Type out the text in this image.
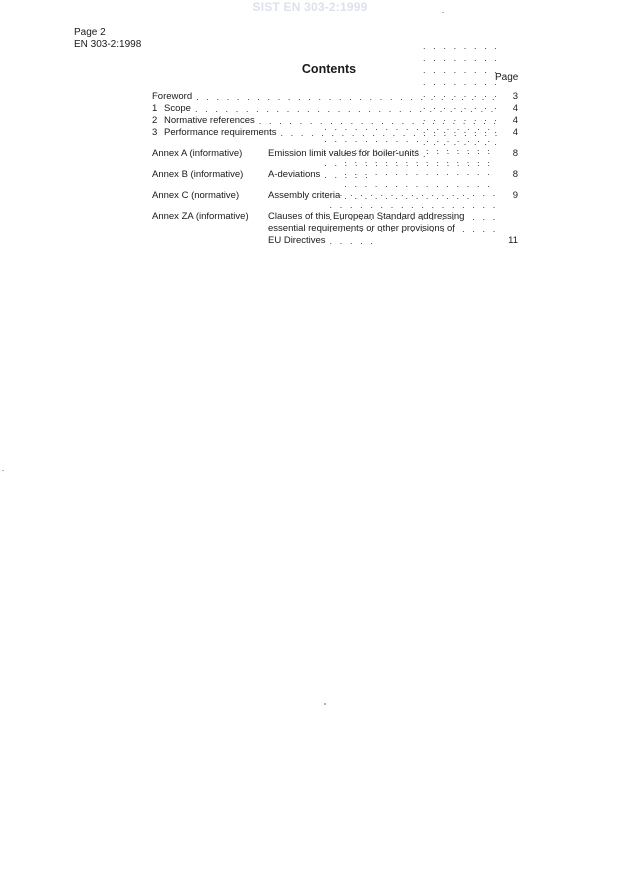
SIST EN 303-2:1999
Page 2
EN 303-2:1998
Contents
Page
Foreword . . .	3
1 Scope . . .	4
2 Normative references . . .	4
3 Performance requirements . . .	4
Annex A (informative)	Emission limit values for boiler-units . . .	8
Annex B (informative)	A-deviations . . .	8
Annex C (normative)	Assembly criteria . . .	9
Annex ZA (informative)	Clauses of this European Standard addressing
essential requirements or other provisions of
EU Directives . . .	11
